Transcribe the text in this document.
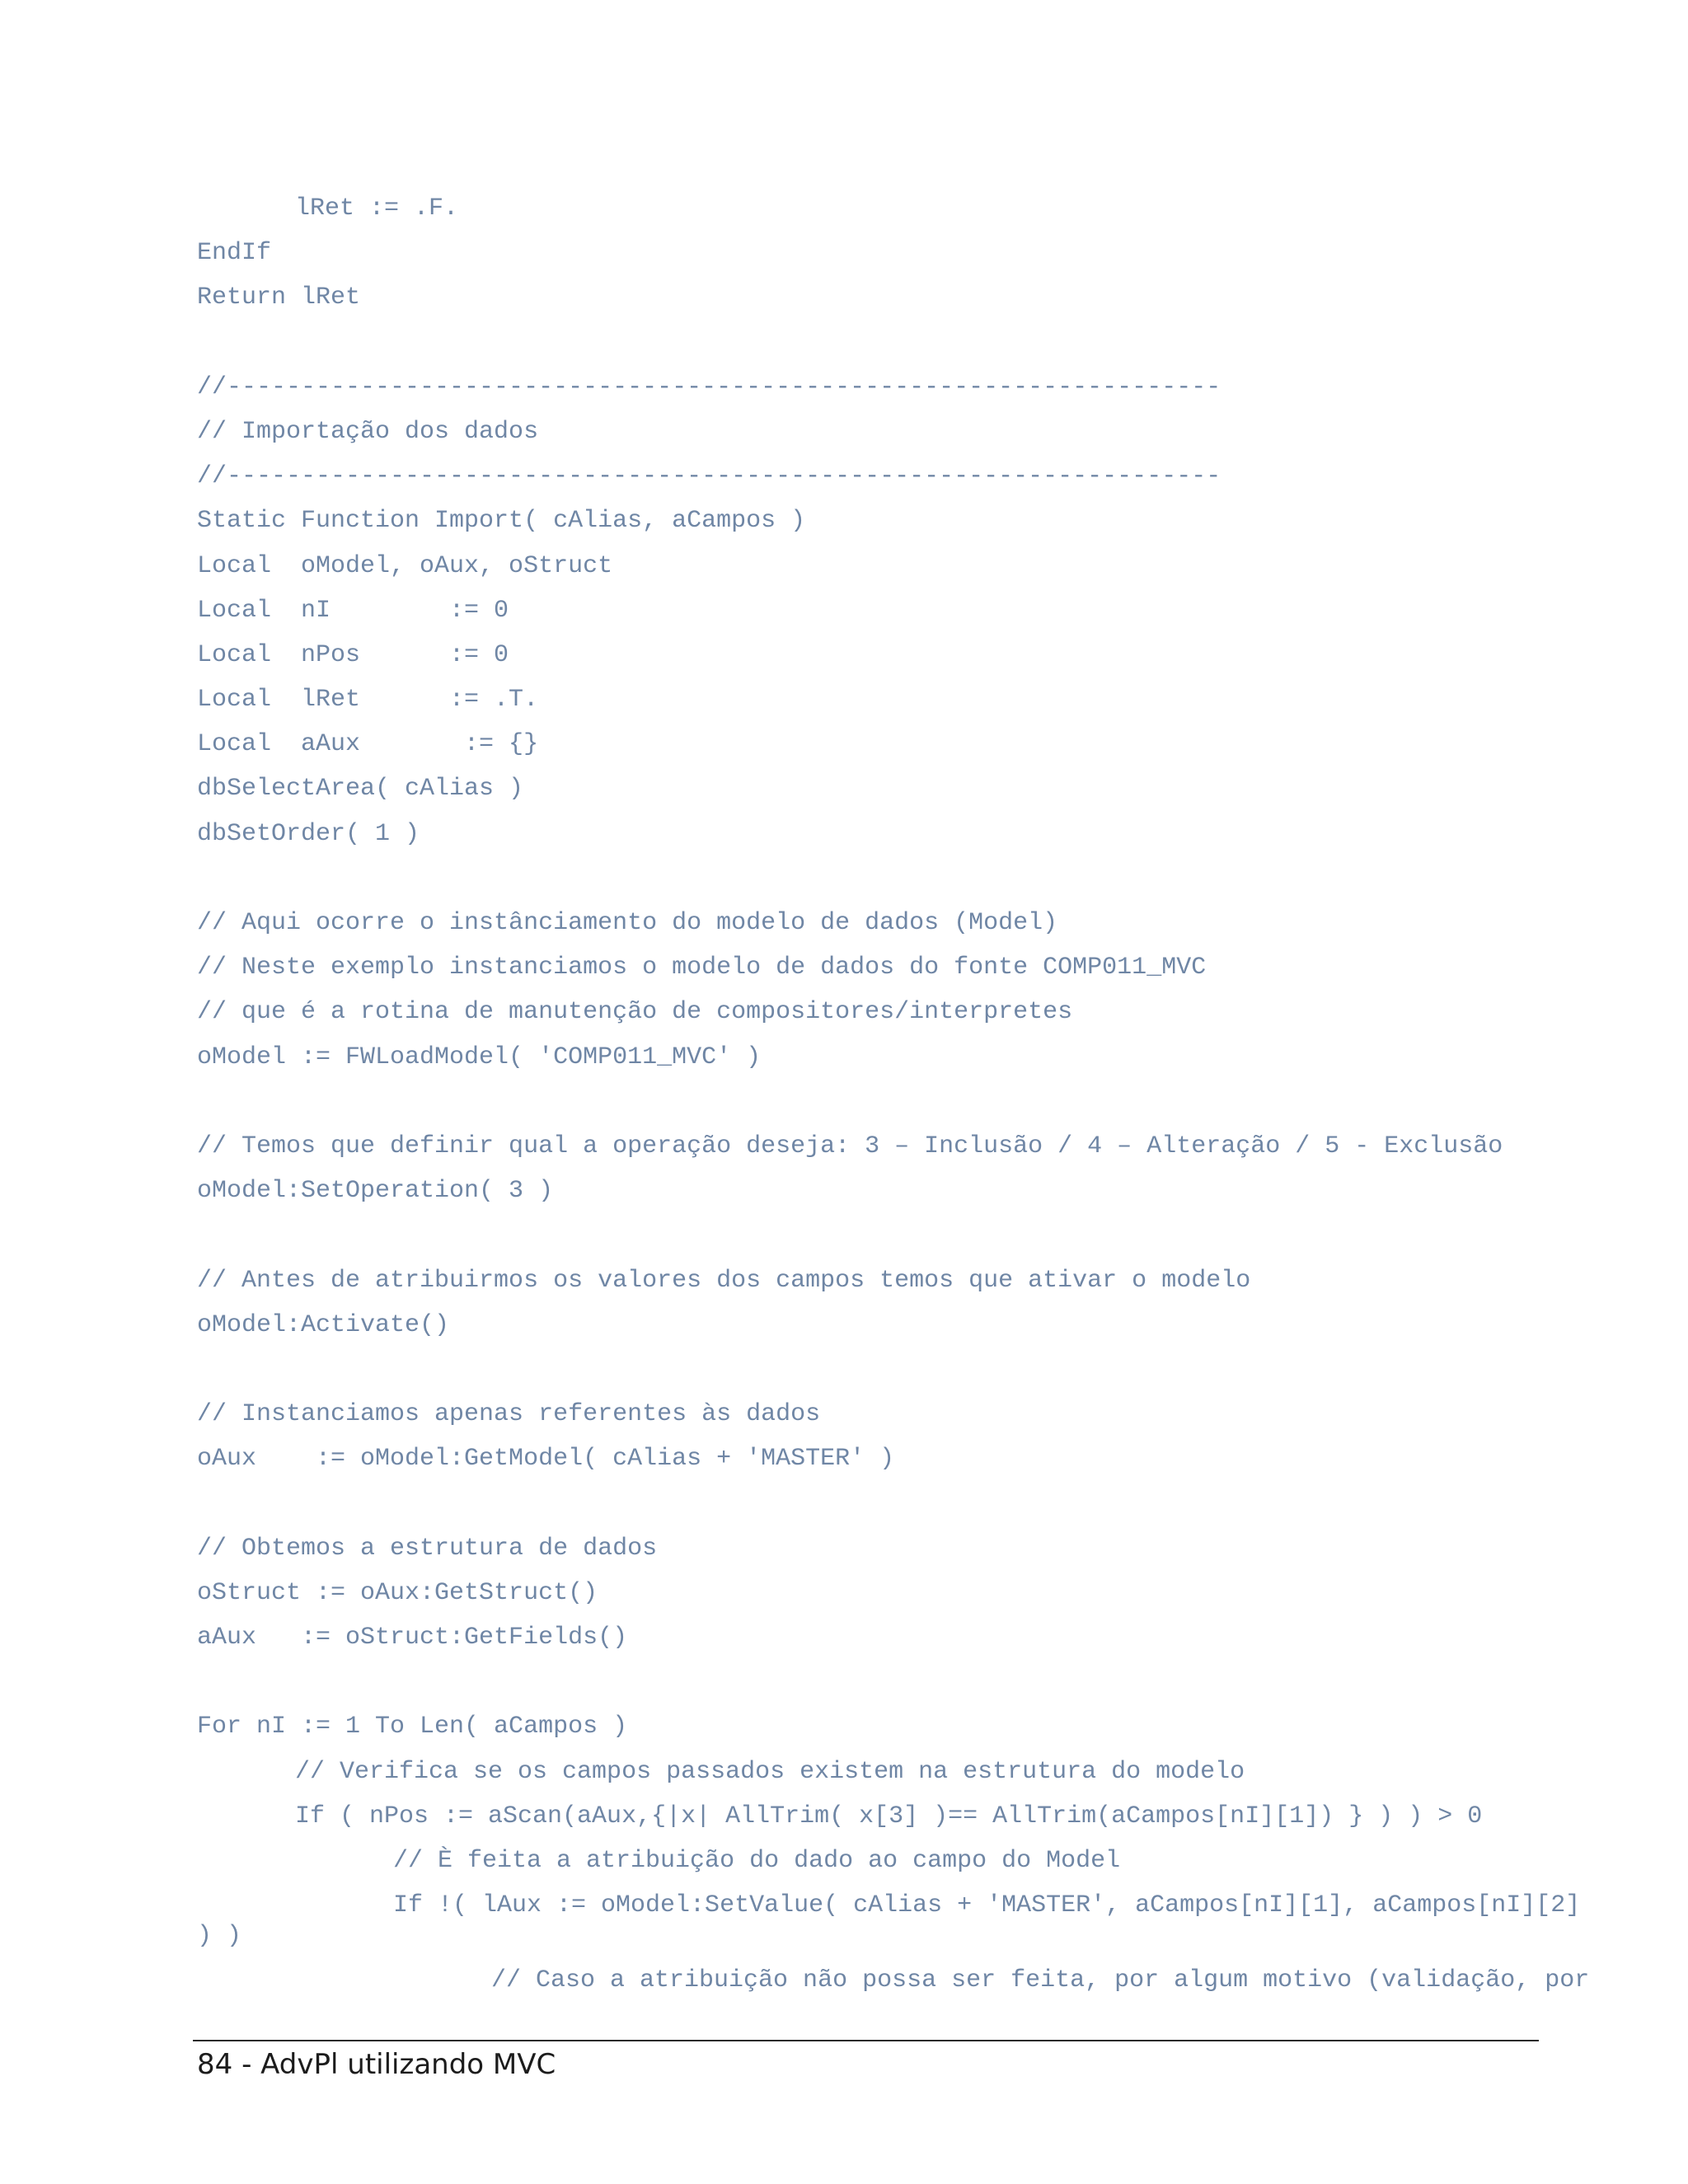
lRet := .F.

EndIf

Return lRet

//-------------------------------------------------------------------

// Importação dos dados

//-------------------------------------------------------------------

Static Function Import( cAlias, aCampos )

Local  oModel, oAux, oStruct

Local  nI        := 0

Local  nPos      := 0

Local  lRet      := .T.

Local  aAux       := {}

dbSelectArea( cAlias )

dbSetOrder( 1 )

// Aqui ocorre o instânciamento do modelo de dados (Model)

// Neste exemplo instanciamos o modelo de dados do fonte COMP011_MVC

// que é a rotina de manutenção de compositores/interpretes

oModel := FWLoadModel( 'COMP011_MVC' )

// Temos que definir qual a operação deseja: 3 – Inclusão / 4 – Alteração / 5 - Exclusão

oModel:SetOperation( 3 )

// Antes de atribuirmos os valores dos campos temos que ativar o modelo

oModel:Activate()

// Instanciamos apenas referentes às dados

oAux    := oModel:GetModel( cAlias + 'MASTER' )

// Obtemos a estrutura de dados

oStruct := oAux:GetStruct()

aAux   := oStruct:GetFields()

For nI := 1 To Len( aCampos )

// Verifica se os campos passados existem na estrutura do modelo

If ( nPos := aScan(aAux,{|x| AllTrim( x[3] )== AllTrim(aCampos[nI][1]) } ) ) > 0

// È feita a atribuição do dado ao campo do Model

If !( lAux := oModel:SetValue( cAlias + 'MASTER', aCampos[nI][1], aCampos[nI][2]
) )

// Caso a atribuição não possa ser feita, por algum motivo (validação, por

84 - AdvPl utilizando MVC
